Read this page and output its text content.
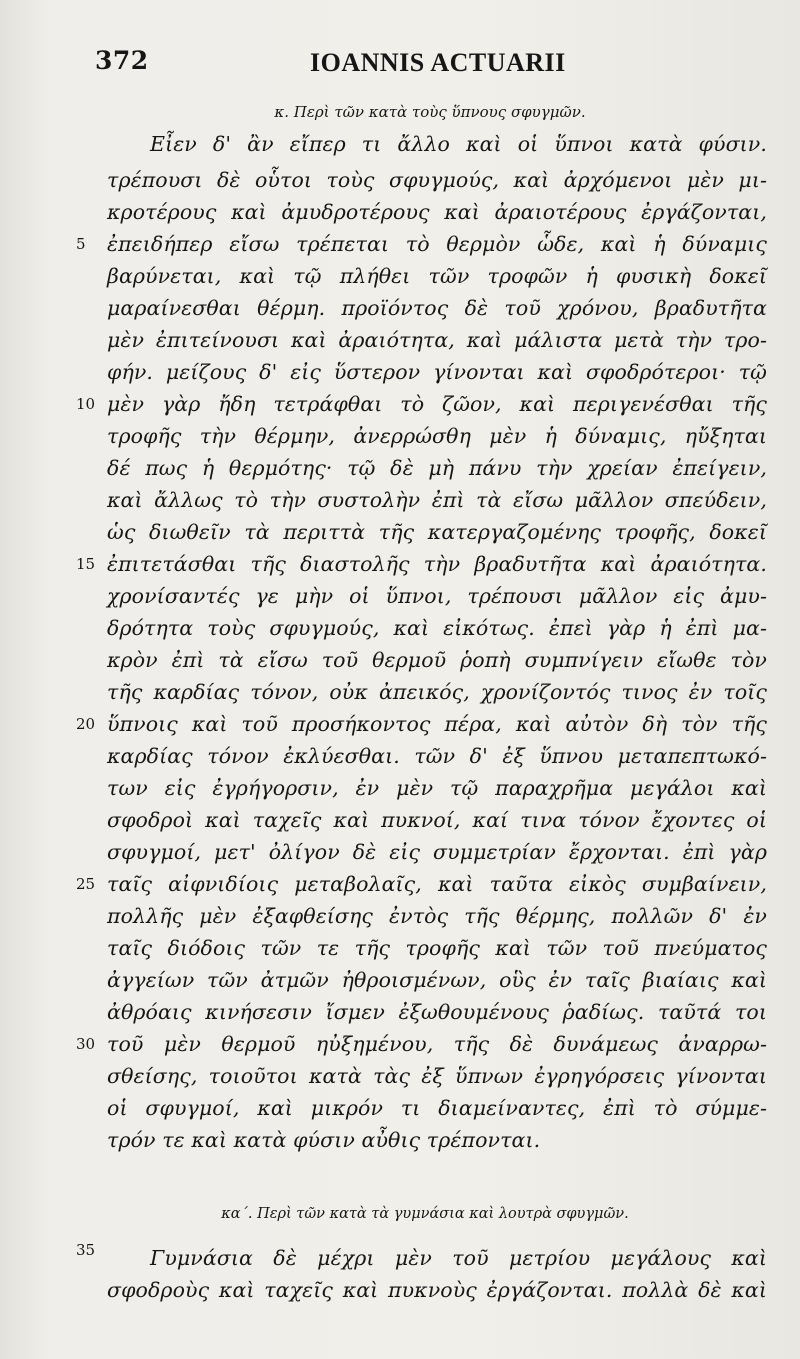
372	IOANNIS ACTUARII
κ. Περὶ τῶν κατὰ τοὺς ὕπνους σφυγμῶν.
Εἶεν δ' ἂν εἴπερ τι ἄλλο καὶ οἱ ὕπνοι κατὰ φύσιν.
τρέπουσι δὲ οὗτοι τοὺς σφυγμούς, καὶ ἀρχόμενοι μὲν μι-
κροτέρους καὶ ἀμυδροτέρους καὶ ἀραιοτέρους ἐργάζονται,
ἐπειδήπερ εἴσω τρέπεται τὸ θερμὸν ὧδε, καὶ ἡ δύναμις
βαρύνεται, καὶ τῷ πλήθει τῶν τροφῶν ἡ φυσικὴ δοκεῖ
μαραίνεσθαι θέρμη. προϊόντος δὲ τοῦ χρόνου, βραδυτῆτα
μὲν ἐπιτείνουσι καὶ ἀραιότητα, καὶ μάλιστα μετὰ τὴν τρο-
φήν. μείζους δ' εἰς ὕστερον γίνονται καὶ σφοδρότεροι· τῷ
μὲν γὰρ ἤδη τετράφθαι τὸ ζῶον, καὶ περιγενέσθαι τῆς
τροφῆς τὴν θέρμην, ἀνερρώσθη μὲν ἡ δύναμις, ηὔξηται
δέ πως ἡ θερμότης· τῷ δὲ μὴ πάνυ τὴν χρείαν ἐπείγειν,
καὶ ἄλλως τὸ τὴν συστολὴν ἐπὶ τὰ εἴσω μᾶλλον σπεύδειν,
ὡς διωθεῖν τὰ περιττὰ τῆς κατεργαζομένης τροφῆς, δοκεῖ
ἐπιτετάσθαι τῆς διαστολῆς τὴν βραδυτῆτα καὶ ἀραιότητα.
χρονίσαντές γε μὴν οἱ ὕπνοι, τρέπουσι μᾶλλον εἰς ἀμυ-
δρότητα τοὺς σφυγμούς, καὶ εἰκότως. ἐπεὶ γὰρ ἡ ἐπὶ μα-
κρὸν ἐπὶ τὰ εἴσω τοῦ θερμοῦ ῥοπὴ συμπνίγειν εἴωθε τὸν
τῆς καρδίας τόνον, οὐκ ἀπεικός, χρονίζοντός τινος ἐν τοῖς
ὕπνοις καὶ τοῦ προσήκοντος πέρα, καὶ αὐτὸν δὴ τὸν τῆς
καρδίας τόνον ἐκλύεσθαι. τῶν δ' ἐξ ὕπνου μεταπεπτωκό-
των εἰς ἐγρήγορσιν, ἐν μὲν τῷ παραχρῆμα μεγάλοι καὶ
σφοδροὶ καὶ ταχεῖς καὶ πυκνοί, καί τινα τόνον ἔχοντες οἱ
σφυγμοί, μετ' ὀλίγον δὲ εἰς συμμετρίαν ἔρχονται. ἐπὶ γὰρ
ταῖς αἰφνιδίοις μεταβολαῖς, καὶ ταῦτα εἰκὸς συμβαίνειν,
πολλῆς μὲν ἐξαφθείσης ἐντὸς τῆς θέρμης, πολλῶν δ' ἐν
ταῖς διόδοις τῶν τε τῆς τροφῆς καὶ τῶν τοῦ πνεύματος
ἀγγείων τῶν ἀτμῶν ἠθροισμένων, οὓς ἐν ταῖς βιαίαις καὶ
ἀθρόαις κινήσεσιν ἴσμεν ἐξωθουμένους ῥαδίως. ταῦτά τοι
τοῦ μὲν θερμοῦ ηὐξημένου, τῆς δὲ δυνάμεως ἀναρρω-
σθείσης, τοιοῦτοι κατὰ τὰς ἐξ ὕπνων ἐγρηγόρσεις γίνονται
οἱ σφυγμοί, καὶ μικρόν τι διαμείναντες, ἐπὶ τὸ σύμμε-
τρόν τε καὶ κατὰ φύσιν αὖθις τρέπονται.
κα΄. Περὶ τῶν κατὰ τὰ γυμνάσια καὶ λουτρὰ σφυγμῶν.
Γυμνάσια δὲ μέχρι μὲν τοῦ μετρίου μεγάλους καὶ
σφοδροὺς καὶ ταχεῖς καὶ πυκνοὺς ἐργάζονται. πολλὰ δὲ καὶ
5
10
15
20
25
30
35
